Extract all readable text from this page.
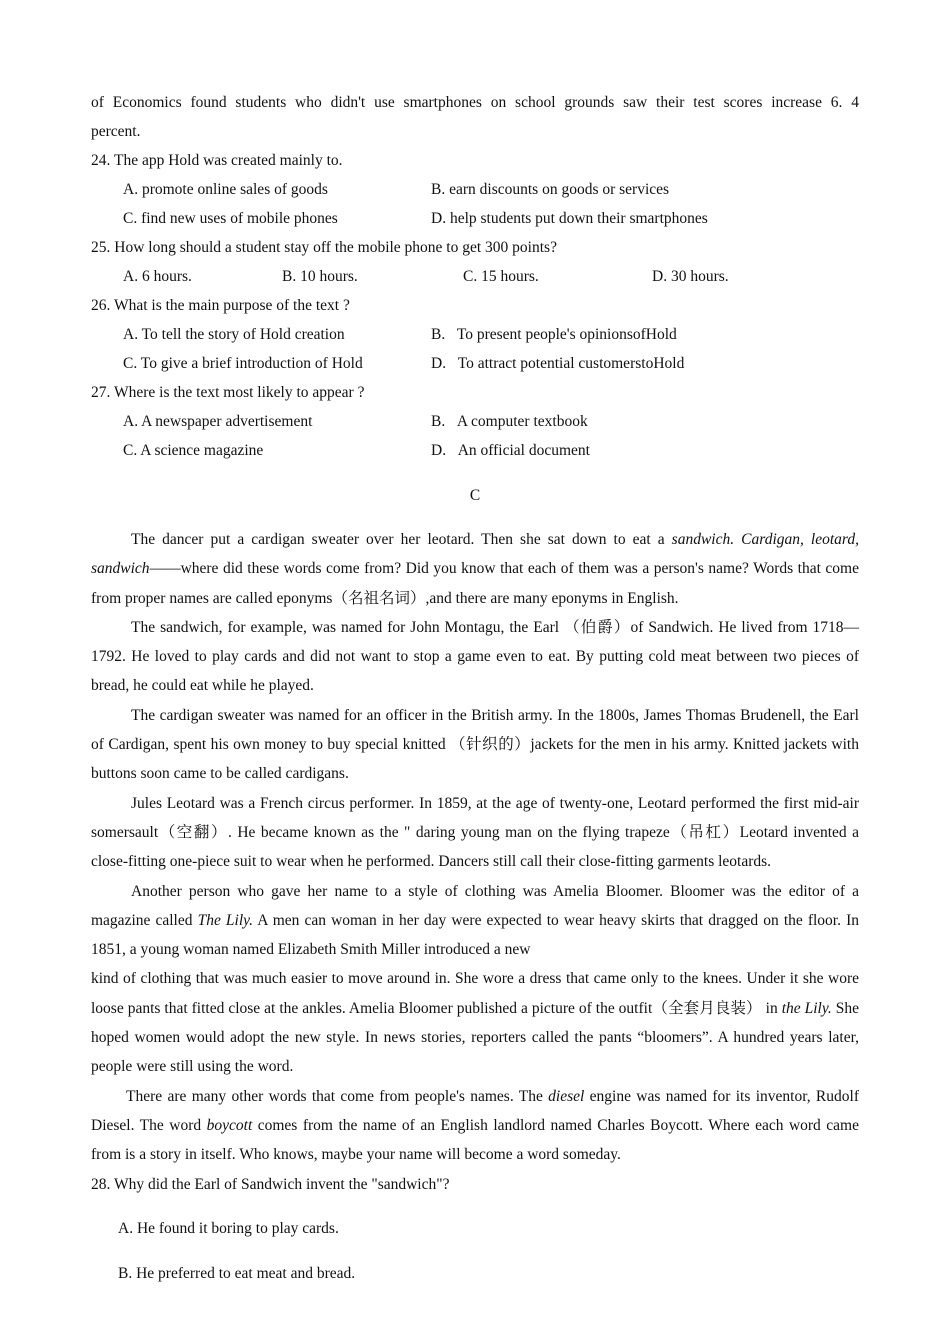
of Economics found students who didn't use smartphones on school grounds saw their test scores increase 6. 4

percent.

24. The app Hold was created mainly to.

A. promote online sales of goods	B. earn discounts on goods or services
C. find new uses of mobile phones	D. help students put down their smartphones

25. How long should a student stay off the mobile phone to get 300 points?

A. 6 hours.	B. 10 hours.	C. 15 hours.	D. 30 hours.

26. What is the main purpose of the text ?

A. To tell the story of Hold creation	B.   To present people's opinionsofHold
C. To give a brief introduction of Hold	D.   To attract potential customerstoHold

27. Where is the text most likely to appear ?

A. A newspaper advertisement	B.   A computer textbook
C. A science magazine	D.   An official document

C

The dancer put a cardigan sweater over her leotard. Then she sat down to eat a sandwich. Cardigan, leotard, sandwich——where did these words come from? Did you know that each of them was a person's name? Words that come from proper names are called eponyms（名祖名词）,and there are many eponyms in English.

The sandwich, for example, was named for John Montagu, the Earl （伯爵）of Sandwich. He lived from 1718—1792. He loved to play cards and did not want to stop a game even to eat. By putting cold meat between two pieces of bread, he could eat while he played.

The cardigan sweater was named for an officer in the British army. In the 1800s, James Thomas Brudenell, the Earl of Cardigan, spent his own money to buy special knitted （针织的）jackets for the men in his army. Knitted jackets with buttons soon came to be called cardigans.

Jules Leotard was a French circus performer. In 1859, at the age of twenty-one, Leotard performed the first mid-air somersault（空翻）. He became known as the " daring young man on the flying trapeze（吊杠）Leotard invented a close-fitting one-piece suit to wear when he performed. Dancers still call their close-fitting garments leotards.

Another person who gave her name to a style of clothing was Amelia Bloomer. Bloomer was the editor of a magazine called The Lily. A men can woman in her day were expected to wear heavy skirts that dragged on the floor. In 1851, a young woman named Elizabeth Smith Miller introduced a new

kind of clothing that was much easier to move around in. She wore a dress that came only to the knees. Under it she wore loose pants that fitted close at the ankles. Amelia Bloomer published a picture of the outfit（全套月良装） in the Lily. She hoped women would adopt the new style. In news stories, reporters called the pants “bloomers”. A hundred years later, people were still using the word.

There are many other words that come from people's names. The diesel engine was named for its inventor, Rudolf Diesel. The word boycott comes from the name of an English landlord named Charles Boycott. Where each word came from is a story in itself. Who knows, maybe your name will become a word someday.

28. Why did the Earl of Sandwich invent the "sandwich"?

A. He found it boring to play cards.

B. He preferred to eat meat and bread.
